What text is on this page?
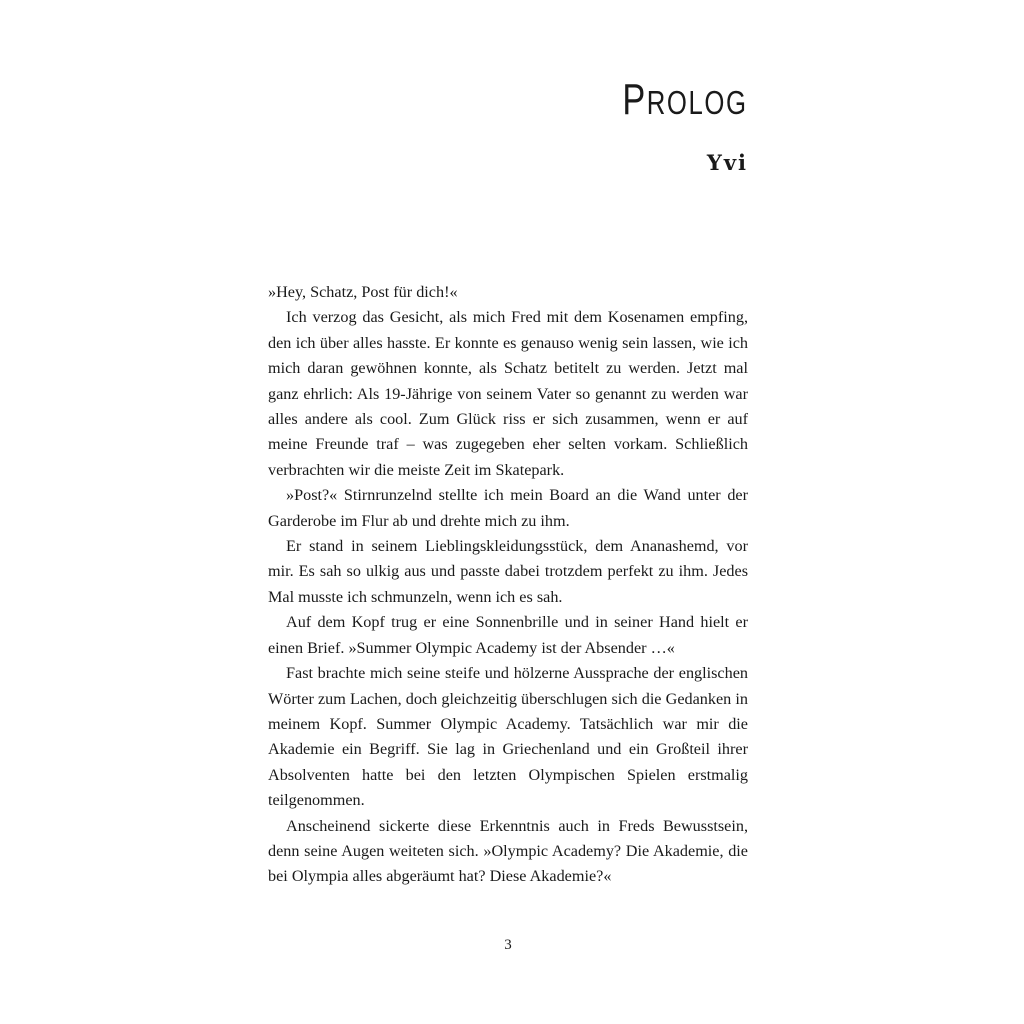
PROLOG
Yvi

»Hey, Schatz, Post für dich!«

Ich verzog das Gesicht, als mich Fred mit dem Kosenamen empfing, den ich über alles hasste. Er konnte es genauso wenig sein lassen, wie ich mich daran gewöhnen konnte, als Schatz betitelt zu werden. Jetzt mal ganz ehrlich: Als 19-Jährige von seinem Vater so genannt zu werden war alles andere als cool. Zum Glück riss er sich zusammen, wenn er auf meine Freunde traf – was zugegeben eher selten vorkam. Schließlich verbrachten wir die meiste Zeit im Skatepark.

»Post?« Stirnrunzelnd stellte ich mein Board an die Wand unter der Garderobe im Flur ab und drehte mich zu ihm.

Er stand in seinem Lieblingskleidungsstück, dem Ananashemd, vor mir. Es sah so ulkig aus und passte dabei trotzdem perfekt zu ihm. Jedes Mal musste ich schmunzeln, wenn ich es sah.

Auf dem Kopf trug er eine Sonnenbrille und in seiner Hand hielt er einen Brief. »Summer Olympic Academy ist der Absender …«

Fast brachte mich seine steife und hölzerne Aussprache der englischen Wörter zum Lachen, doch gleichzeitig überschlugen sich die Gedanken in meinem Kopf. Summer Olympic Academy. Tatsächlich war mir die Akademie ein Begriff. Sie lag in Griechenland und ein Großteil ihrer Absolventen hatte bei den letzten Olympischen Spielen erstmalig teilgenommen.

Anscheinend sickerte diese Erkenntnis auch in Freds Bewusstsein, denn seine Augen weiteten sich. »Olympic Academy? Die Akademie, die bei Olympia alles abgeräumt hat? Diese Akademie?«

3
